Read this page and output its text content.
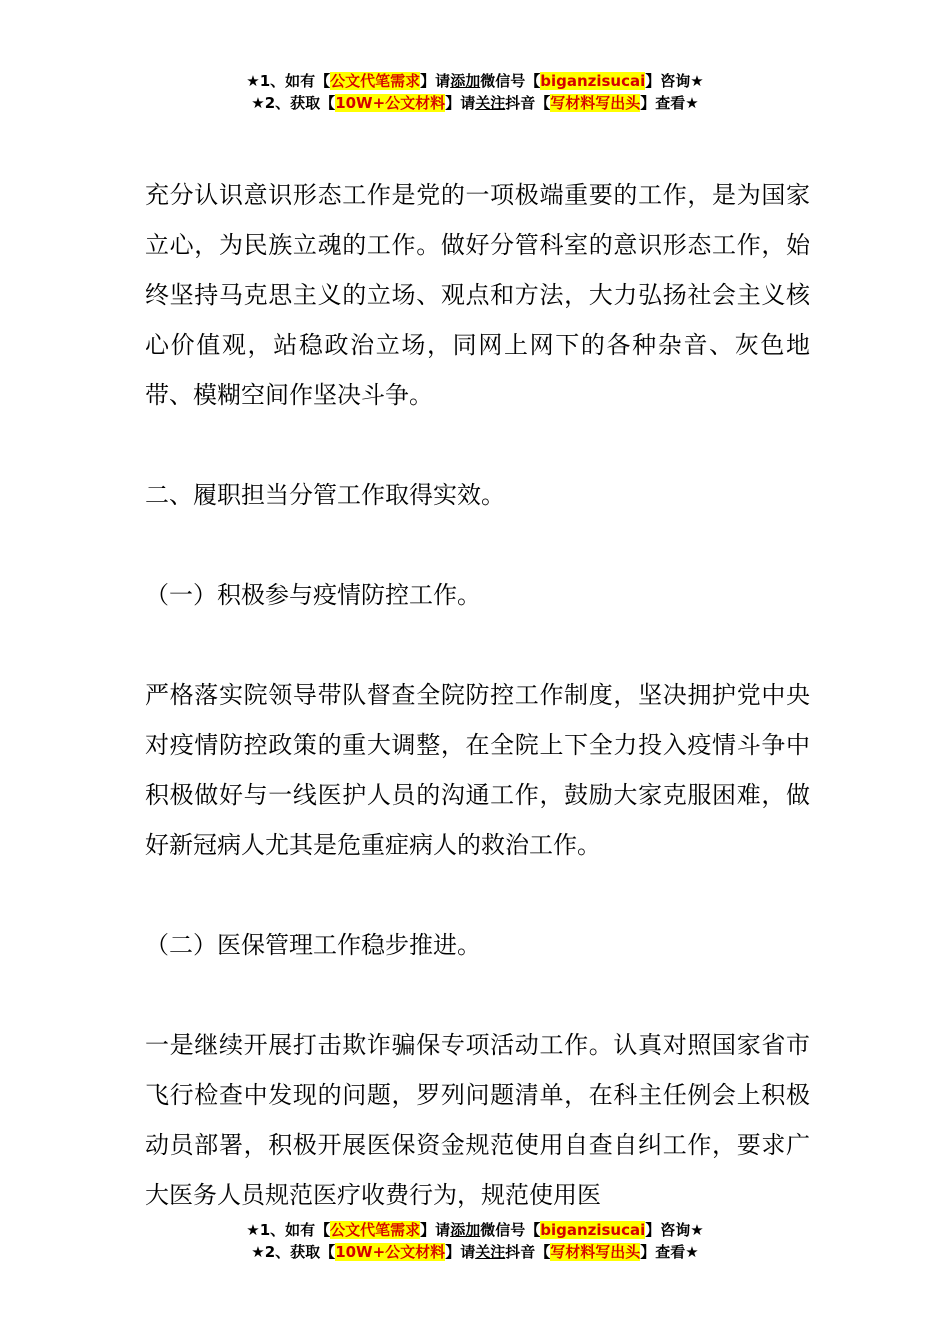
★1、如有【公文代笔需求】请添加微信号【biganzisucai】咨询★
★2、获取【10W+公文材料】请关注抖音【写材料写出头】查看★

充分认识意识形态工作是党的一项极端重要的工作，是为国家立心，为民族立魂的工作。做好分管科室的意识形态工作，始终坚持马克思主义的立场、观点和方法，大力弘扬社会主义核心价值观，站稳政治立场，同网上网下的各种杂音、灰色地带、模糊空间作坚决斗争。

二、履职担当分管工作取得实效。

（一）积极参与疫情防控工作。

严格落实院领导带队督查全院防控工作制度，坚决拥护党中央对疫情防控政策的重大调整，在全院上下全力投入疫情斗争中积极做好与一线医护人员的沟通工作，鼓励大家克服困难，做好新冠病人尤其是危重症病人的救治工作。

（二）医保管理工作稳步推进。

一是继续开展打击欺诈骗保专项活动工作。认真对照国家省市飞行检查中发现的问题，罗列问题清单，在科主任例会上积极动员部署，积极开展医保资金规范使用自查自纠工作，要求广大医务人员规范医疗收费行为，规范使用医

★1、如有【公文代笔需求】请添加微信号【biganzisucai】咨询★
★2、获取【10W+公文材料】请关注抖音【写材料写出头】查看★
